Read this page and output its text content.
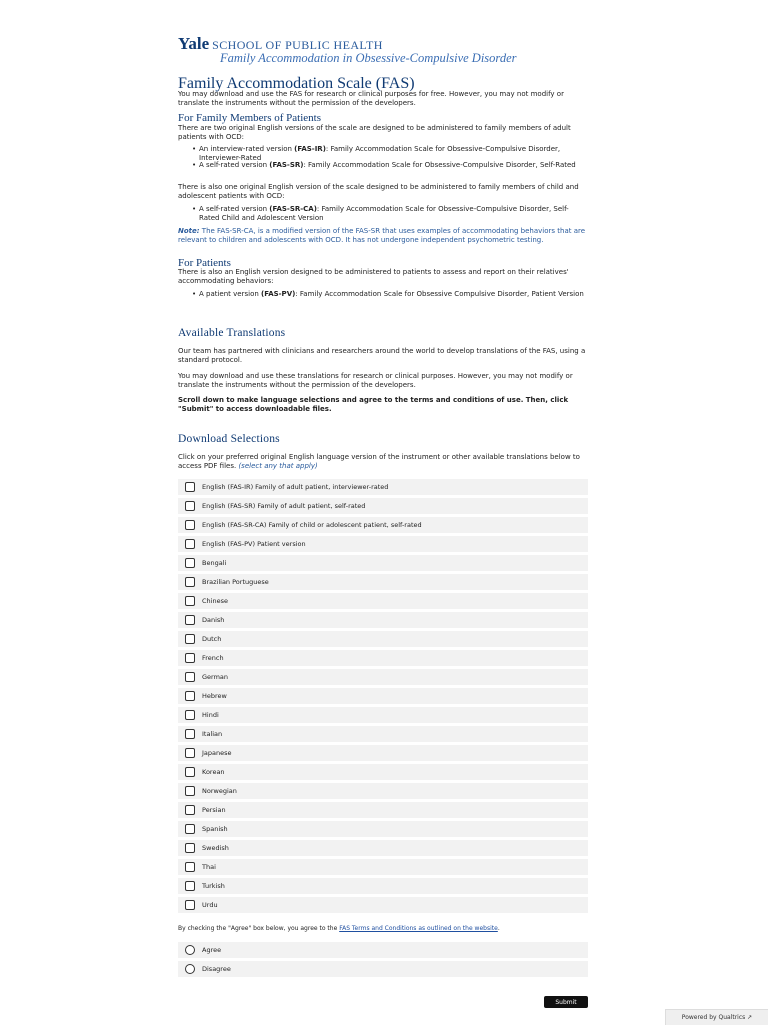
Yale SCHOOL OF PUBLIC HEALTH
Family Accommodation in Obsessive-Compulsive Disorder
Family Accommodation Scale (FAS)
You may download and use the FAS for research or clinical purposes for free. However, you may not modify or translate the instruments without the permission of the developers.
For Family Members of Patients
There are two original English versions of the scale are designed to be administered to family members of adult patients with OCD:
• An interview-rated version (FAS-IR): Family Accommodation Scale for Obsessive-Compulsive Disorder, Interviewer-Rated
• A self-rated version (FAS-SR): Family Accommodation Scale for Obsessive-Compulsive Disorder, Self-Rated
There is also one original English version of the scale designed to be administered to family members of child and adolescent patients with OCD:
• A self-rated version (FAS-SR-CA): Family Accommodation Scale for Obsessive-Compulsive Disorder, Self-Rated Child and Adolescent Version
Note: The FAS-SR-CA, is a modified version of the FAS-SR that uses examples of accommodating behaviors that are relevant to children and adolescents with OCD. It has not undergone independent psychometric testing.
For Patients
There is also an English version designed to be administered to patients to assess and report on their relatives' accommodating behaviors:
• A patient version (FAS-PV): Family Accommodation Scale for Obsessive Compulsive Disorder, Patient Version
Available Translations
Our team has partnered with clinicians and researchers around the world to develop translations of the FAS, using a standard protocol.
You may download and use these translations for research or clinical purposes. However, you may not modify or translate the instruments without the permission of the developers.
Scroll down to make language selections and agree to the terms and conditions of use. Then, click "Submit" to access downloadable files.
Download Selections
Click on your preferred original English language version of the instrument or other available translations below to access PDF files. (select any that apply)
English (FAS-IR) Family of adult patient, interviewer-rated
English (FAS-SR) Family of adult patient, self-rated
English (FAS-SR-CA) Family of child or adolescent patient, self-rated
English (FAS-PV) Patient version
Bengali
Brazilian Portuguese
Chinese
Danish
Dutch
French
German
Hebrew
Hindi
Italian
Japanese
Korean
Norwegian
Persian
Spanish
Swedish
Thai
Turkish
Urdu
By checking the "Agree" box below, you agree to the FAS Terms and Conditions as outlined on the website.
Agree
Disagree
Submit
Powered by Qualtrics ↗
